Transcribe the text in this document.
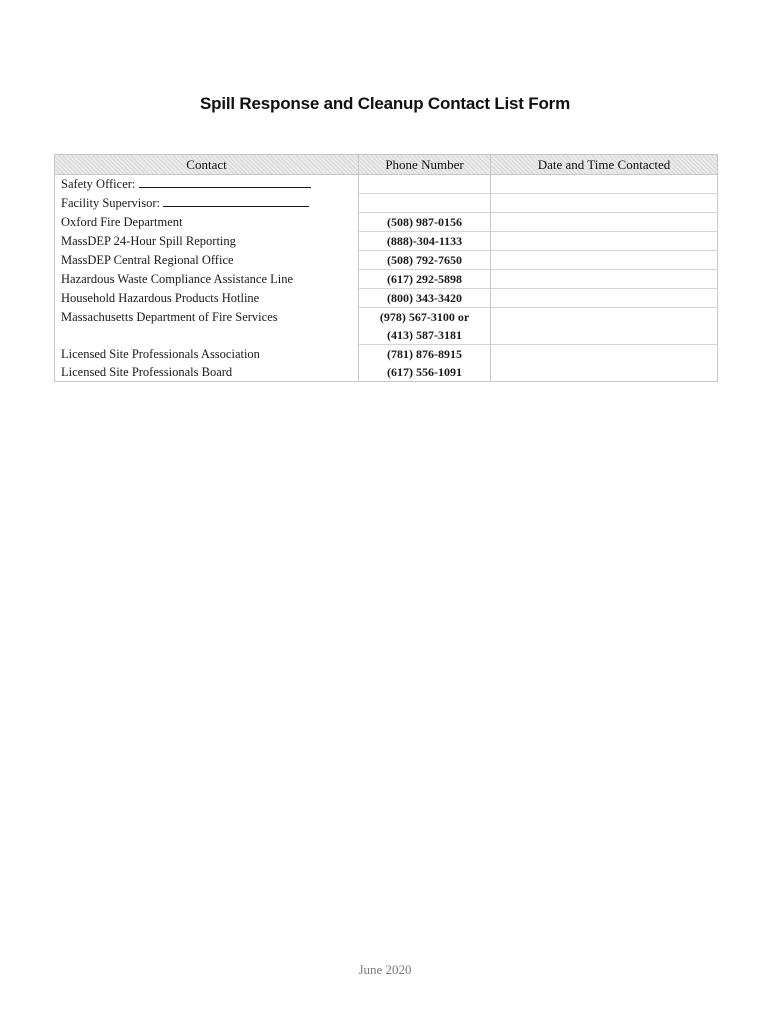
Spill Response and Cleanup Contact List Form
Contact	Phone Number	Date and Time Contacted
Safety Officer:		
Facility Supervisor:		
Oxford Fire Department	(508) 987-0156	

MassDEP 24-Hour Spill Reporting	(888)-304-1133	

MassDEP Central Regional Office	(508) 792-7650	

Hazardous Waste Compliance Assistance Line	(617) 292-5898	

Household Hazardous Products Hotline	(800) 343-3420	

Massachusetts Department of Fire Services	(978) 567-3100 or
(413) 587-3181	

Licensed Site Professionals Association	(781) 876-8915	

Licensed Site Professionals Board	(617) 556-1091	

June 2020
